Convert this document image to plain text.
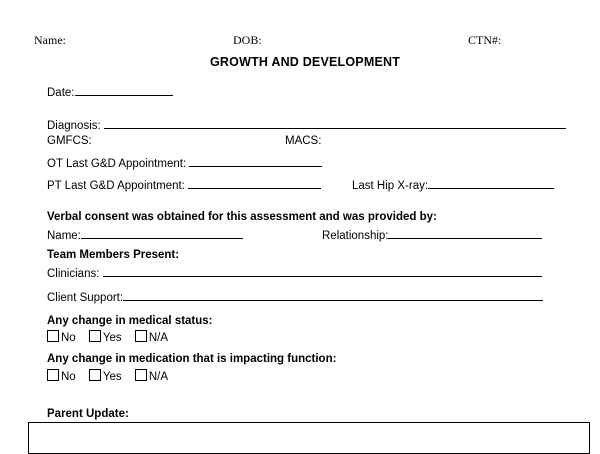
Name:	DOB:	CTN#:
GROWTH AND DEVELOPMENT
Date:
Diagnosis:
GMFCS:	MACS:
OT Last G&D Appointment:
PT Last G&D Appointment:	Last Hip X-ray:
Verbal consent was obtained for this assessment and was provided by:
Name:	Relationship:
Team Members Present:
Clinicians:
Client Support:
Any change in medical status:
No Yes N/A
Any change in medication that is impacting function:
No Yes N/A
Parent Update:
